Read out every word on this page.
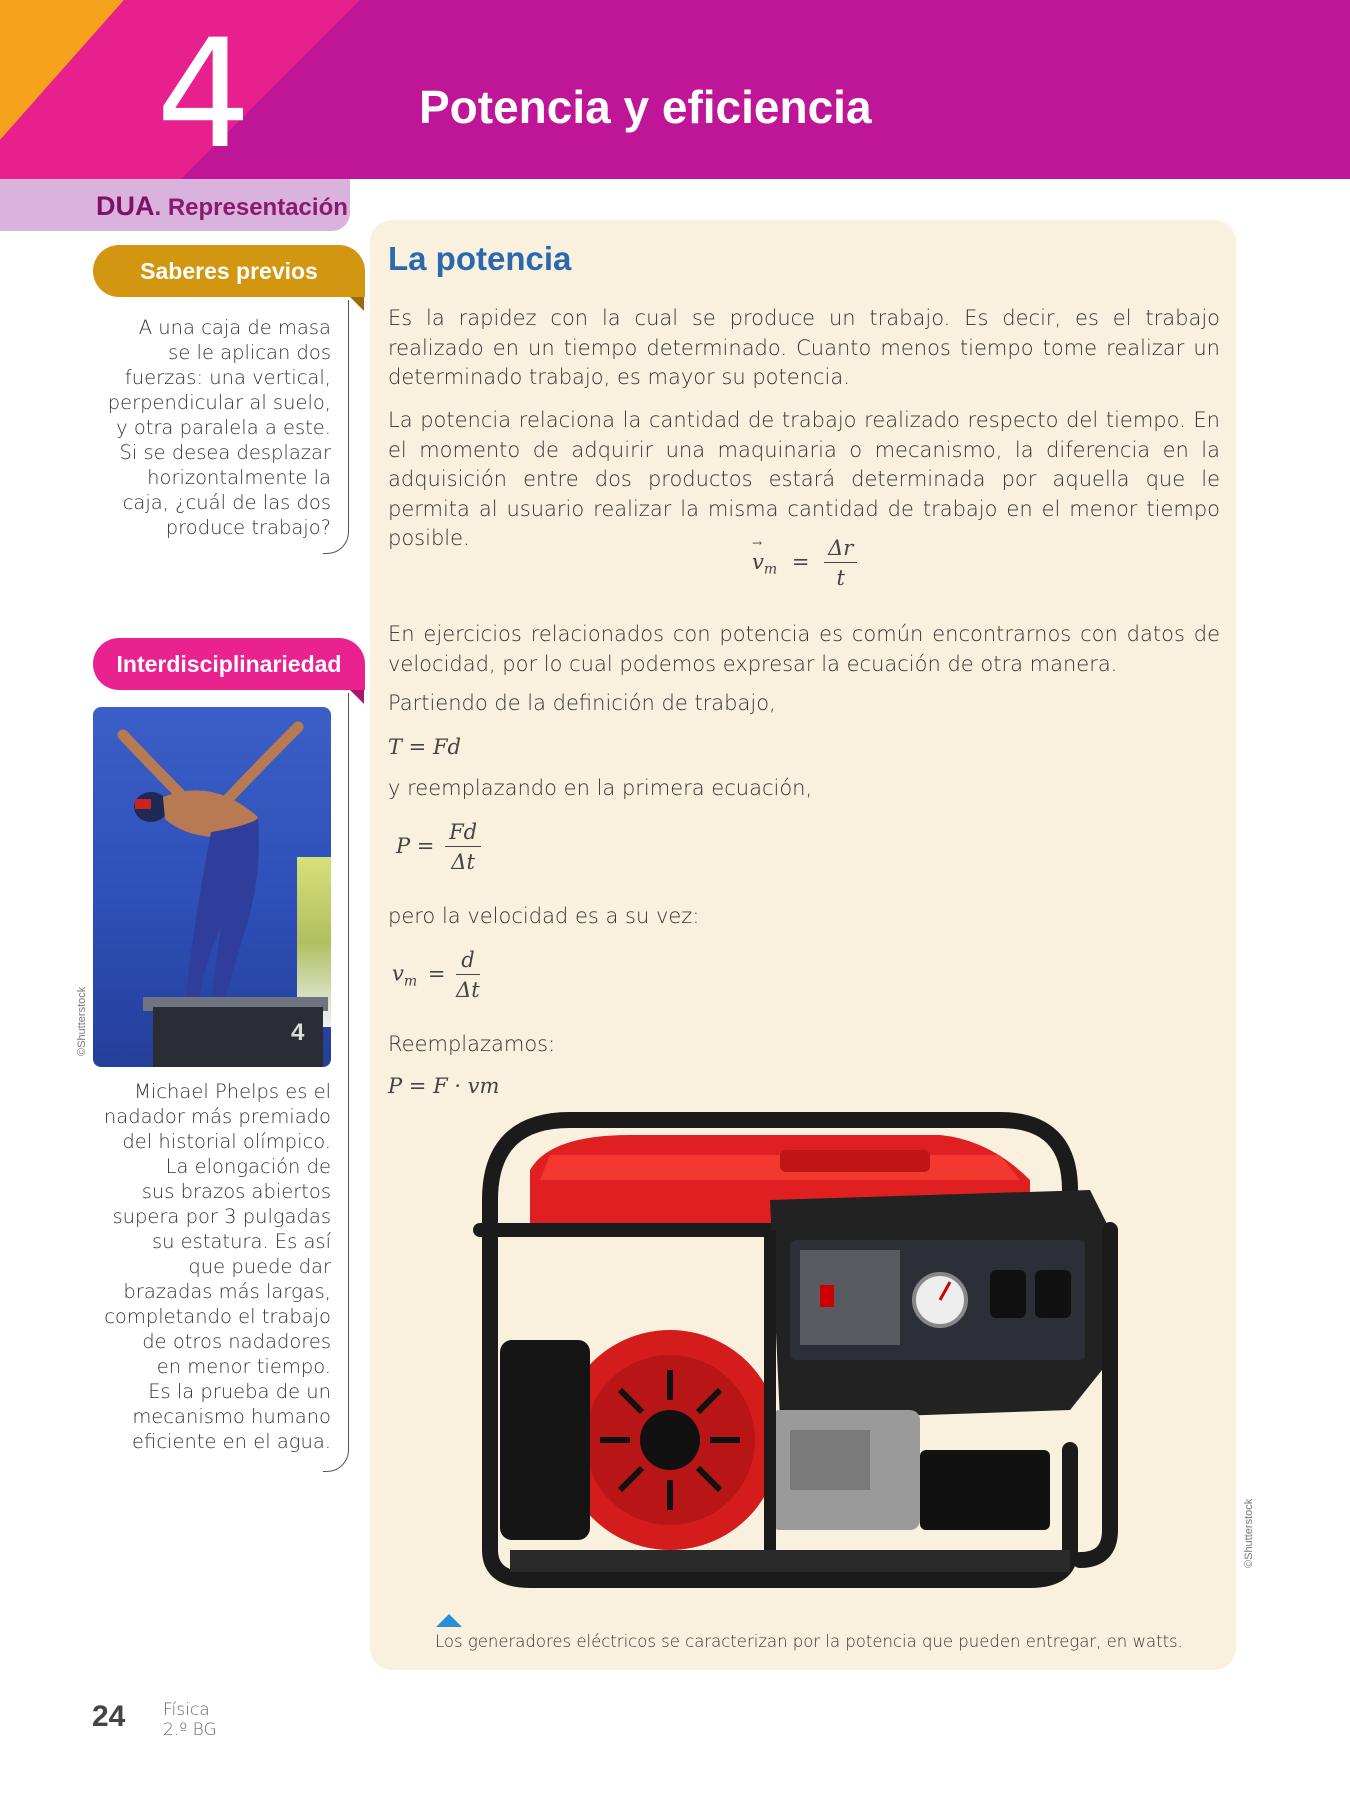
4	Potencia y eficiencia
DUA. Representación
Saberes previos
A una caja de masa
se le aplican dos
fuerzas: una vertical,
perpendicular al suelo,
y otra paralela a este.
Si se desea desplazar
horizontalmente la
caja, ¿cuál de las dos
produce trabajo?
Interdisciplinariedad
4
©Shutterstock
Michael Phelps es el
nadador más premiado
del historial olímpico.
La elongación de
sus brazos abiertos
supera por 3 pulgadas
su estatura. Es así
que puede dar
brazadas más largas,
completando el trabajo
de otros nadadores
en menor tiempo.
Es la prueba de un
mecanismo humano
eficiente en el agua.
La potencia
Es la rapidez con la cual se produce un trabajo. Es decir, es el trabajo realizado en un tiempo determinado. Cuanto menos tiempo tome realizar un determinado trabajo, es mayor su potencia.
La potencia relaciona la cantidad de trabajo realizado respecto del tiempo. En el momento de adquirir una maquinaria o mecanismo, la diferencia en la adquisición entre dos productos estará determinada por aquella que le permita al usuario realizar la misma cantidad de trabajo en el menor tiempo posible.
→ $v_m = \frac{\Delta r}{t}$
En ejercicios relacionados con potencia es común encontrarnos con datos de velocidad, por lo cual podemos expresar la ecuación de otra manera.
Partiendo de la definición de trabajo,
T = Fd
y reemplazando en la primera ecuación,
$P = \frac{Fd}{\Delta t}$
pero la velocidad es a su vez:
$v_m = \frac{d}{\Delta t}$
Reemplazamos:
P = F · vm
©Shutterstock
Los generadores eléctricos se caracterizan por la potencia que pueden entregar, en watts.
24 Física
2.º BG
